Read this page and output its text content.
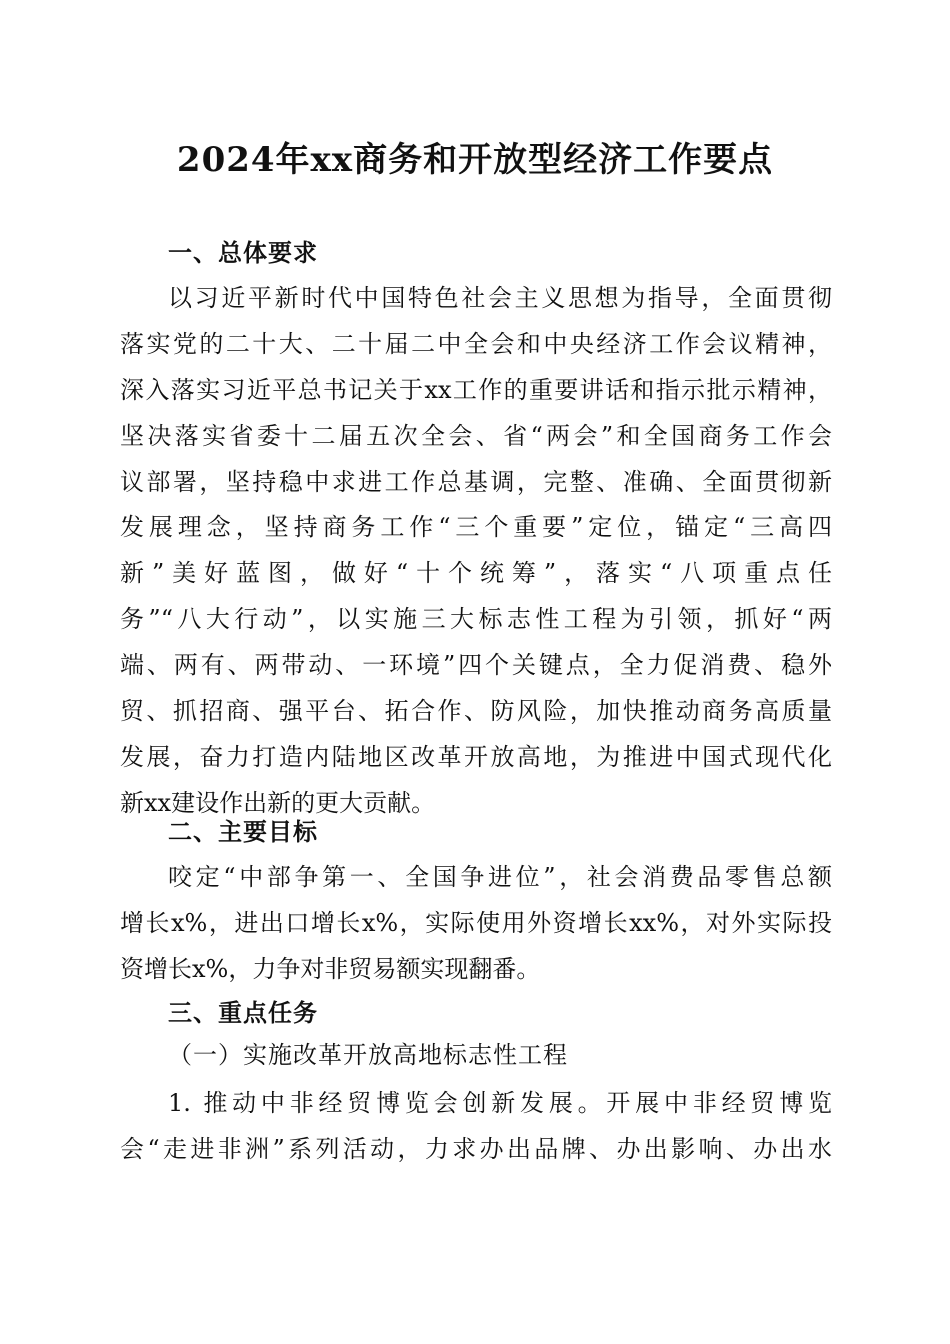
2024年xx商务和开放型经济工作要点
一、总体要求
以习近平新时代中国特色社会主义思想为指导，全面贯彻
落实党的二十大、二十届二中全会和中央经济工作会议精神，
深入落实习近平总书记关于xx工作的重要讲话和指示批示精神，
坚决落实省委十二届五次全会、省“两会”和全国商务工作会
议部署，坚持稳中求进工作总基调，完整、准确、全面贯彻新
发展理念，坚持商务工作“三个重要”定位，锚定“三高四
新”美好蓝图，做好“十个统筹”，落实“八项重点任
务”“八大行动”，以实施三大标志性工程为引领，抓好“两
端、两有、两带动、一环境”四个关键点，全力促消费、稳外
贸、抓招商、强平台、拓合作、防风险，加快推动商务高质量
发展，奋力打造内陆地区改革开放高地，为推进中国式现代化
新xx建设作出新的更大贡献。
二、主要目标
咬定“中部争第一、全国争进位”，社会消费品零售总额
增长x%，进出口增长x%，实际使用外资增长xx%，对外实际投
资增长x%，力争对非贸易额实现翻番。
三、重点任务
（一）实施改革开放高地标志性工程
1. 推动中非经贸博览会创新发展。开展中非经贸博览
会“走进非洲”系列活动，力求办出品牌、办出影响、办出水
